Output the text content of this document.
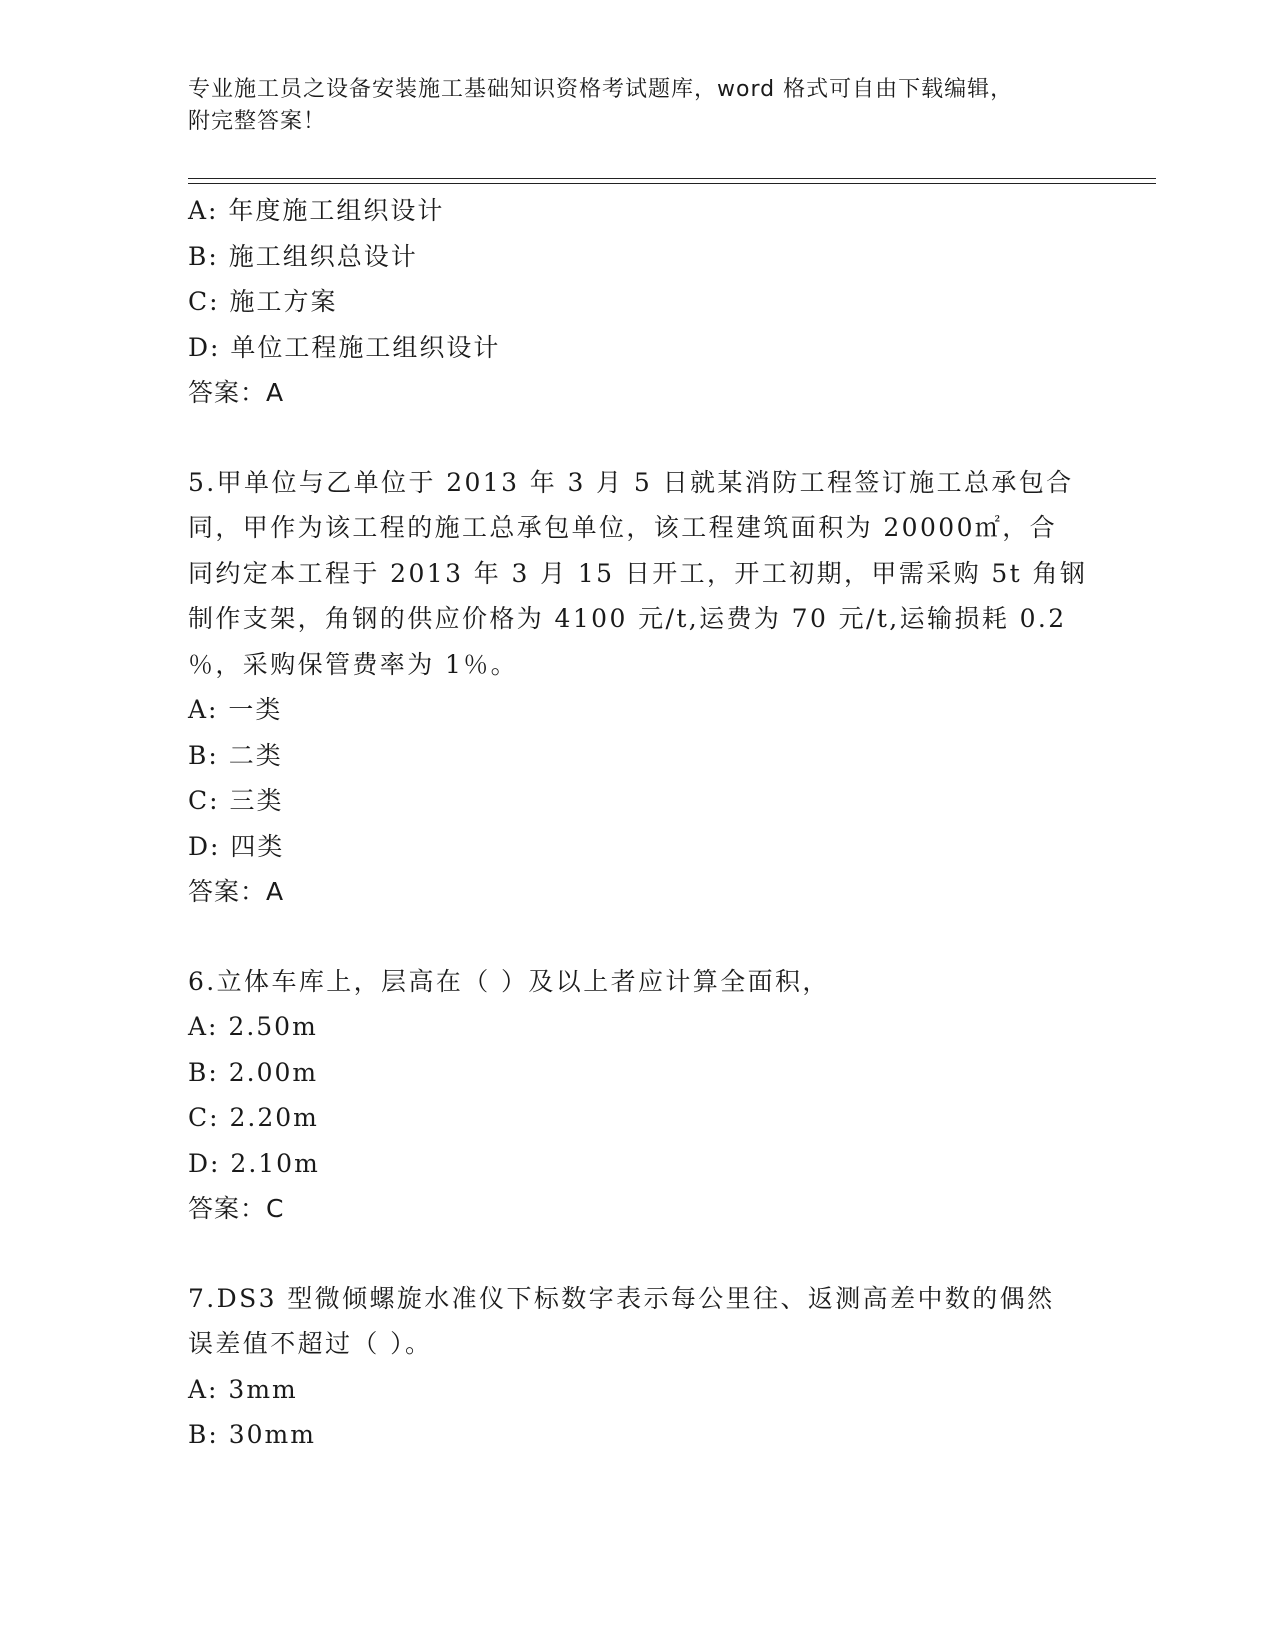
专业施工员之设备安装施工基础知识资格考试题库，word 格式可自由下载编辑，
附完整答案！
A: 年度施工组织设计
B: 施工组织总设计
C: 施工方案
D: 单位工程施工组织设计
答案：A
5.甲单位与乙单位于 2013 年 3 月 5 日就某消防工程签订施工总承包合
同，甲作为该工程的施工总承包单位，该工程建筑面积为 20000㎡，合
同约定本工程于 2013 年 3 月 15 日开工，开工初期，甲需采购 5t 角钢
制作支架，角钢的供应价格为 4100 元/t,运费为 70 元/t,运输损耗 0.2
％，采购保管费率为 1％。
A: 一类
B: 二类
C: 三类
D: 四类
答案：A
6.立体车库上，层高在（ ）及以上者应计算全面积，
A: 2.50m
B: 2.00m
C: 2.20m
D: 2.10m
答案：C
7.DS3 型微倾螺旋水准仪下标数字表示每公里往、返测高差中数的偶然
误差值不超过（ ）。
A: 3mm
B: 30mm
